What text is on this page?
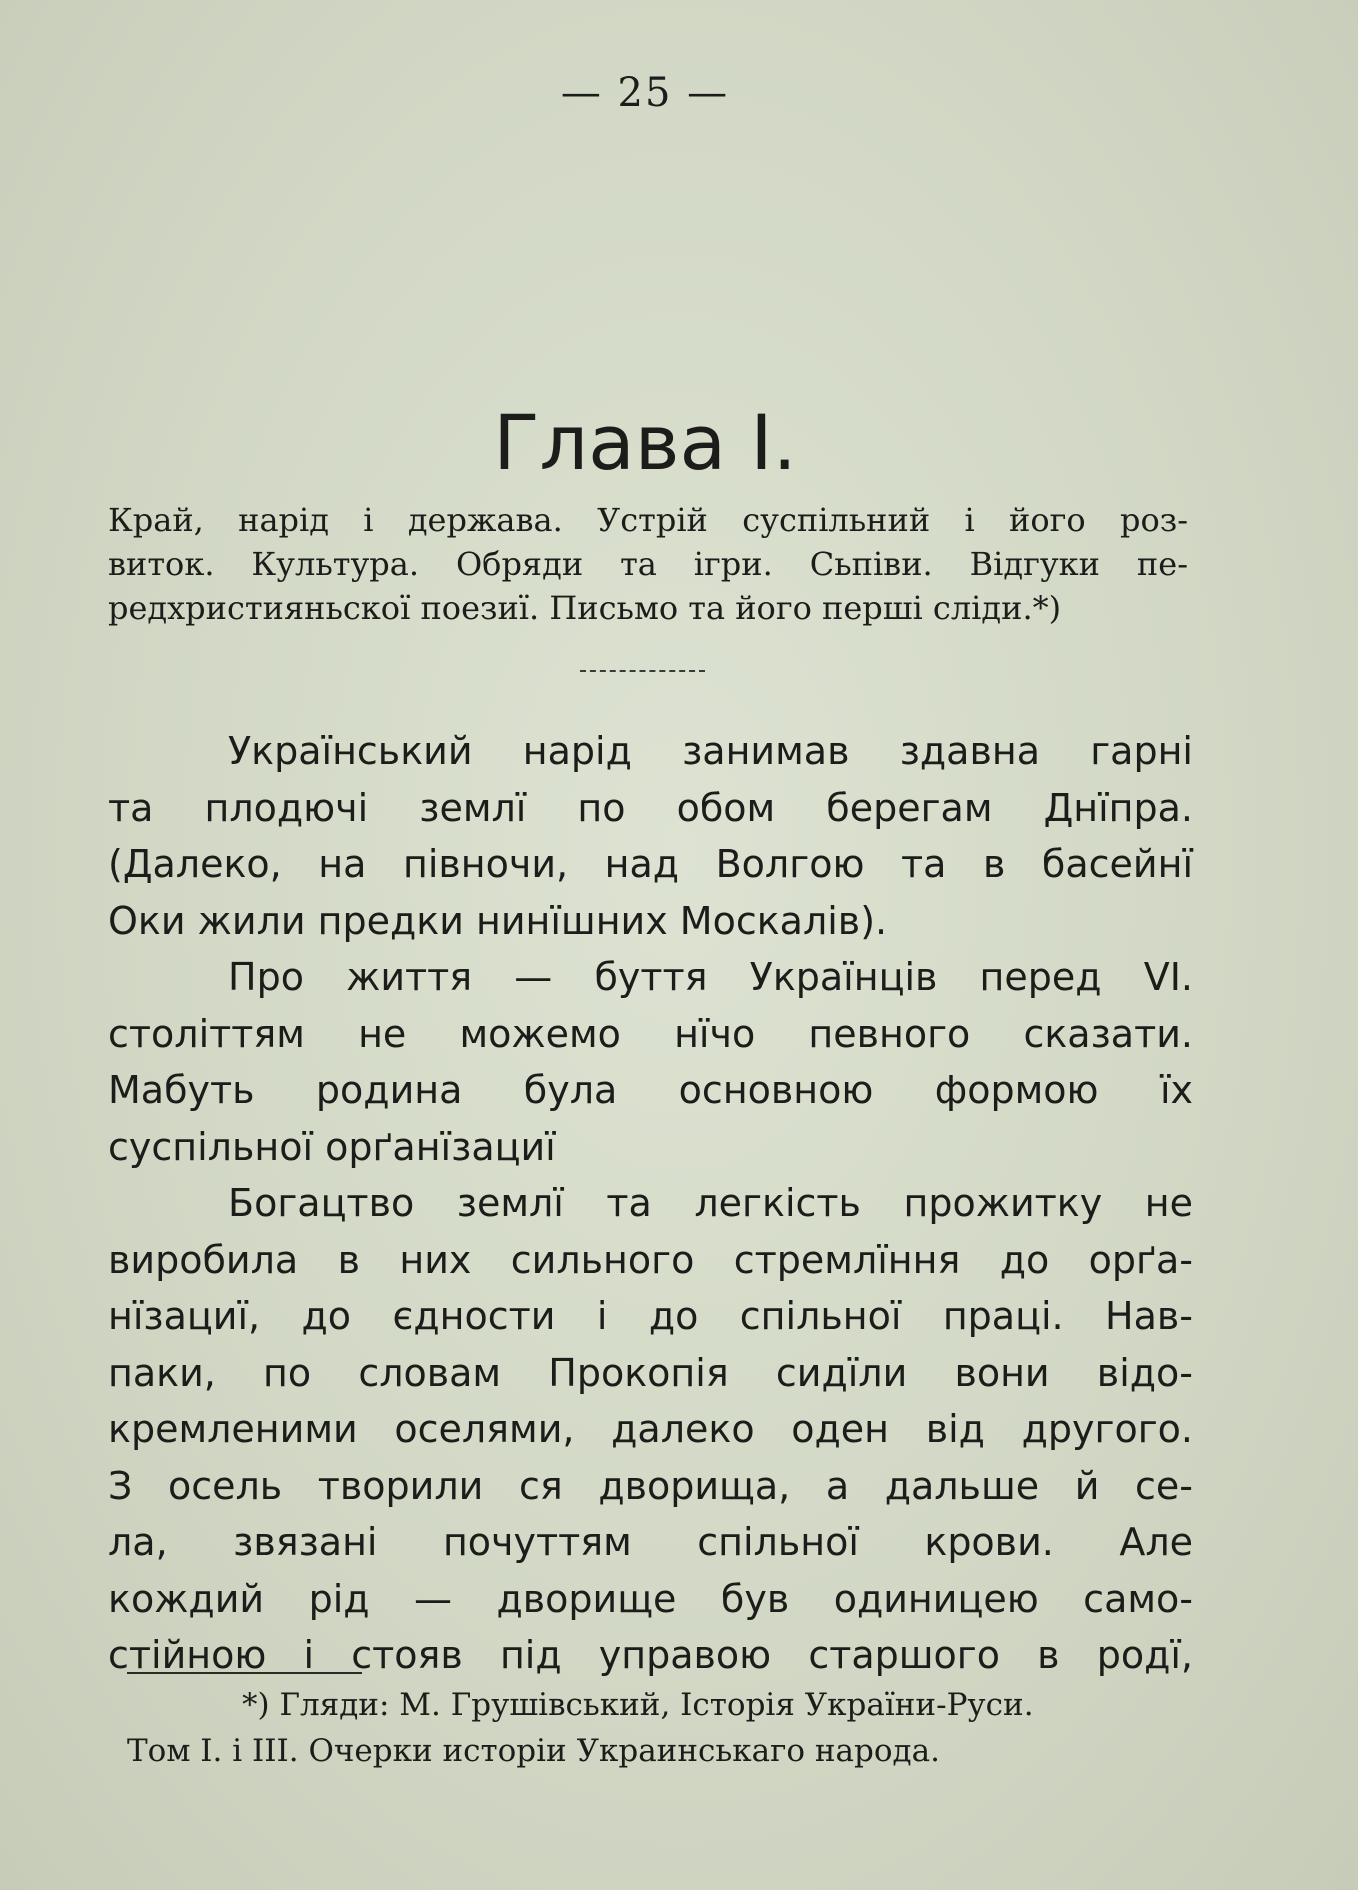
— 25 —
Глава І.
Край, нарід і держава. Устрій суспільний і його роз-
виток. Культура. Обряди та ігри. Сьпіви. Відгуки пе-
редхристияньскої поезиї. Письмо та його перші сліди.*)
Український нарід занимав здавна гарні
та плодючі землї по обом берегам Днїпра.
(Далеко, на півночи, над Волгою та в басейнї
Оки жили предки нинїшних Москалів).
Про життя — буття Українців перед VI.
століттям не можемо нїчо певного сказати.
Мабуть родина була основною формою їх
суспільної орґанїзациї
Богацтво землї та легкість прожитку не
виробила в них сильного стремлїння до орґа-
нїзациї, до єдности і до спільної праці. Нав-
паки, по словам Прокопія сидїли вони відо-
кремленими оселями, далеко оден від другого.
З осель творили ся дворища, а дальше й се-
ла, звязані почуттям спільної крови. Але
кождий рід — дворище був одиницею само-
стійною і стояв під управою старшого в родї,
*) Гляди: М. Грушівський, Історія України-Руси.
Том І. і III. Очерки исторіи Украинськаго народа.
